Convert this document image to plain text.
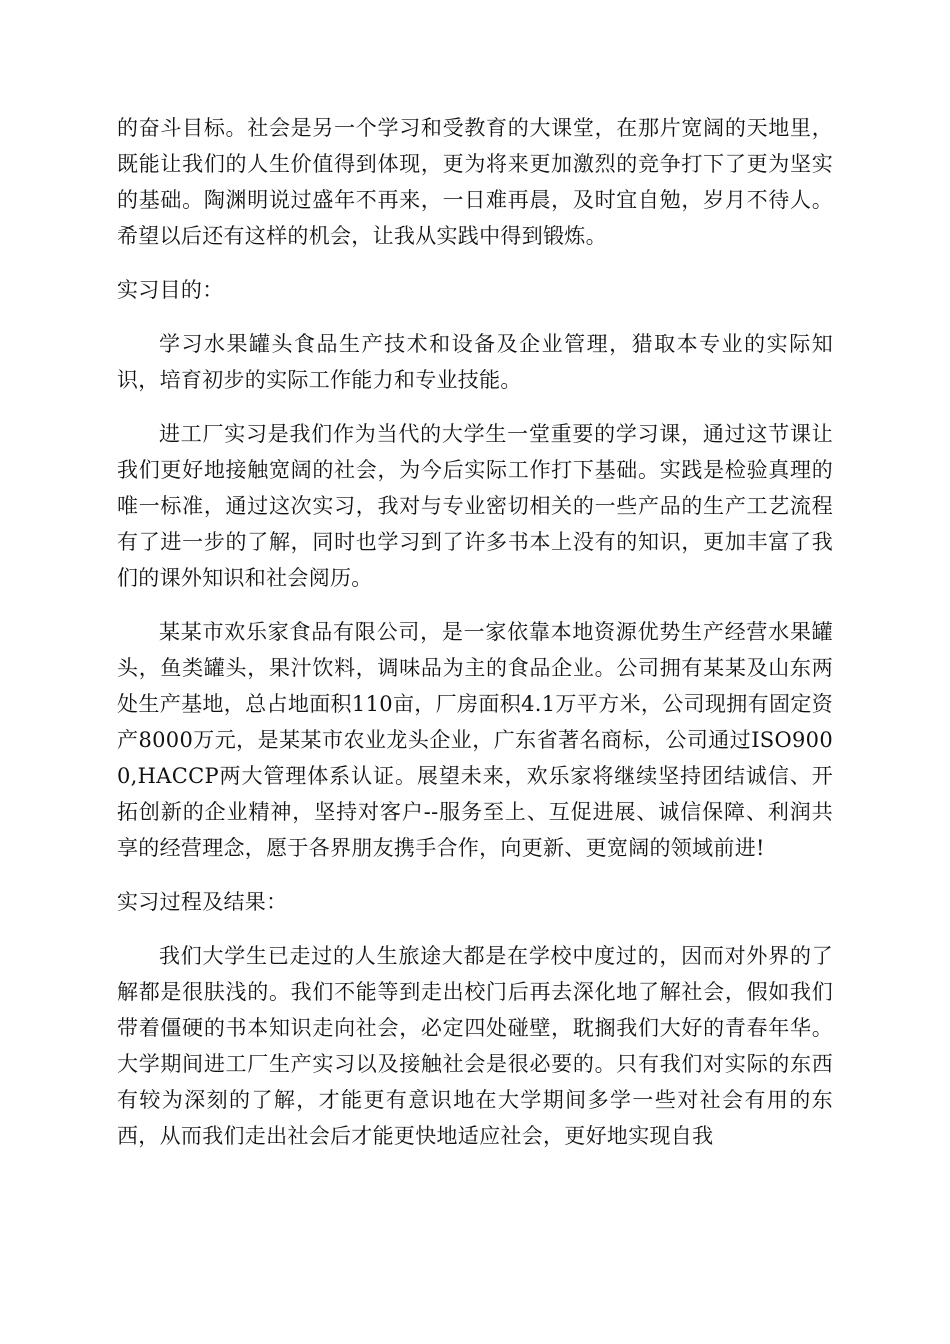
的奋斗目标。社会是另一个学习和受教育的大课堂，在那片宽阔的天地里，既能让我们的人生价值得到体现，更为将来更加激烈的竞争打下了更为坚实的基础。陶渊明说过盛年不再来，一日难再晨，及时宜自勉，岁月不待人。希望以后还有这样的机会，让我从实践中得到锻炼。

实习目的：

学习水果罐头食品生产技术和设备及企业管理，猎取本专业的实际知识，培育初步的实际工作能力和专业技能。

进工厂实习是我们作为当代的大学生一堂重要的学习课，通过这节课让我们更好地接触宽阔的社会，为今后实际工作打下基础。实践是检验真理的唯一标准，通过这次实习，我对与专业密切相关的一些产品的生产工艺流程有了进一步的了解，同时也学习到了许多书本上没有的知识，更加丰富了我们的课外知识和社会阅历。

某某市欢乐家食品有限公司，是一家依靠本地资源优势生产经营水果罐头，鱼类罐头，果汁饮料，调味品为主的食品企业。公司拥有某某及山东两处生产基地，总占地面积110亩，厂房面积4.1万平方米，公司现拥有固定资产8000万元，是某某市农业龙头企业，广东省著名商标，公司通过ISO9000,HACCP两大管理体系认证。展望未来，欢乐家将继续坚持团结诚信、开拓创新的企业精神，坚持对客户--服务至上、互促进展、诚信保障、利润共享的经营理念，愿于各界朋友携手合作，向更新、更宽阔的领域前进!

实习过程及结果：

我们大学生已走过的人生旅途大都是在学校中度过的，因而对外界的了解都是很肤浅的。我们不能等到走出校门后再去深化地了解社会，假如我们带着僵硬的书本知识走向社会，必定四处碰壁，耽搁我们大好的青春年华。大学期间进工厂生产实习以及接触社会是很必要的。只有我们对实际的东西有较为深刻的了解，才能更有意识地在大学期间多学一些对社会有用的东西，从而我们走出社会后才能更快地适应社会，更好地实现自我
